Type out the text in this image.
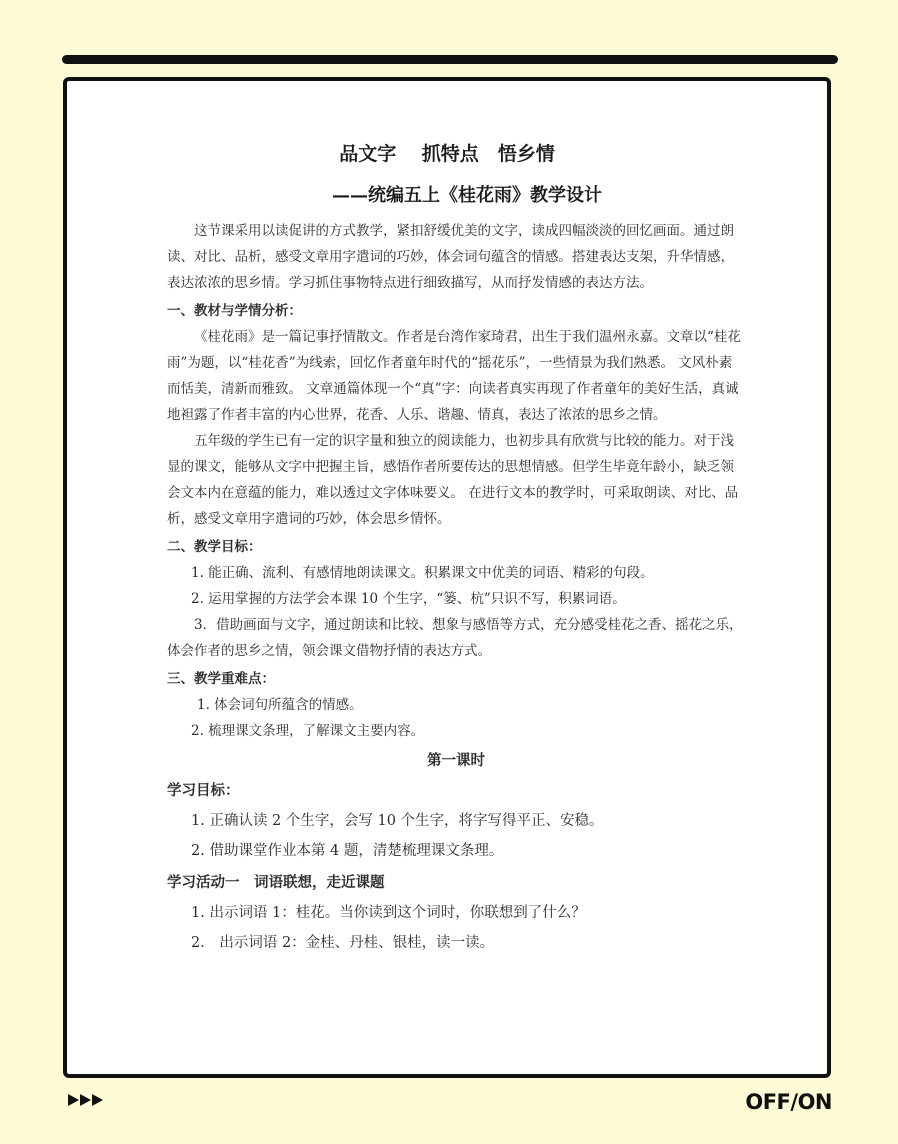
品文字　 抓特点　悟乡情
——统编五上《桂花雨》教学设计

这节课采用以读促讲的方式教学，紧扣舒缓优美的文字，读成四幅淡淡的回忆画面。通过朗读、对比、品析，感受文章用字遣词的巧妙，体会词句蕴含的情感。搭建表达支架，升华情感，表达浓浓的思乡情。学习抓住事物特点进行细致描写，从而抒发情感的表达方法。

一、教材与学情分析：

《桂花雨》是一篇记事抒情散文。作者是台湾作家琦君，出生于我们温州永嘉。文章以“桂花雨”为题，以“桂花香”为线索，回忆作者童年时代的“摇花乐”，一些情景为我们熟悉。 文风朴素而恬美，清新而雅致。 文章通篇体现一个“真”字：向读者真实再现了作者童年的美好生活，真诚地袒露了作者丰富的内心世界，花香、人乐、谐趣、情真，表达了浓浓的思乡之情。

五年级的学生已有一定的识字量和独立的阅读能力，也初步具有欣赏与比较的能力。对于浅显的课文，能够从文字中把握主旨，感悟作者所要传达的思想情感。但学生毕竟年龄小，缺乏领会文本内在意蕴的能力，难以透过文字体味要义。 在进行文本的教学时，可采取朗读、对比、品析，感受文章用字遣词的巧妙，体会思乡情怀。

二、教学目标：

1. 能正确、流利、有感情地朗读课文。积累课文中优美的词语、精彩的句段。

2. 运用掌握的方法学会本课 10 个生字，“篓、杭”只识不写，积累词语。

3．借助画面与文字，通过朗读和比较、想象与感悟等方式，充分感受桂花之香、摇花之乐，体会作者的思乡之情，领会课文借物抒情的表达方式。

三、教学重难点：

1. 体会词句所蕴含的情感。

2. 梳理课文条理，了解课文主要内容。

第一课时

学习目标：

1. 正确认读 2 个生字，会写 10 个生字，将字写得平正、安稳。

2. 借助课堂作业本第 4 题，清楚梳理课文条理。

学习活动一　词语联想，走近课题

1. 出示词语 1：桂花。当你读到这个词时，你联想到了什么？

2． 出示词语 2：金桂、丹桂、银桂，读一读。

OFF/ON
